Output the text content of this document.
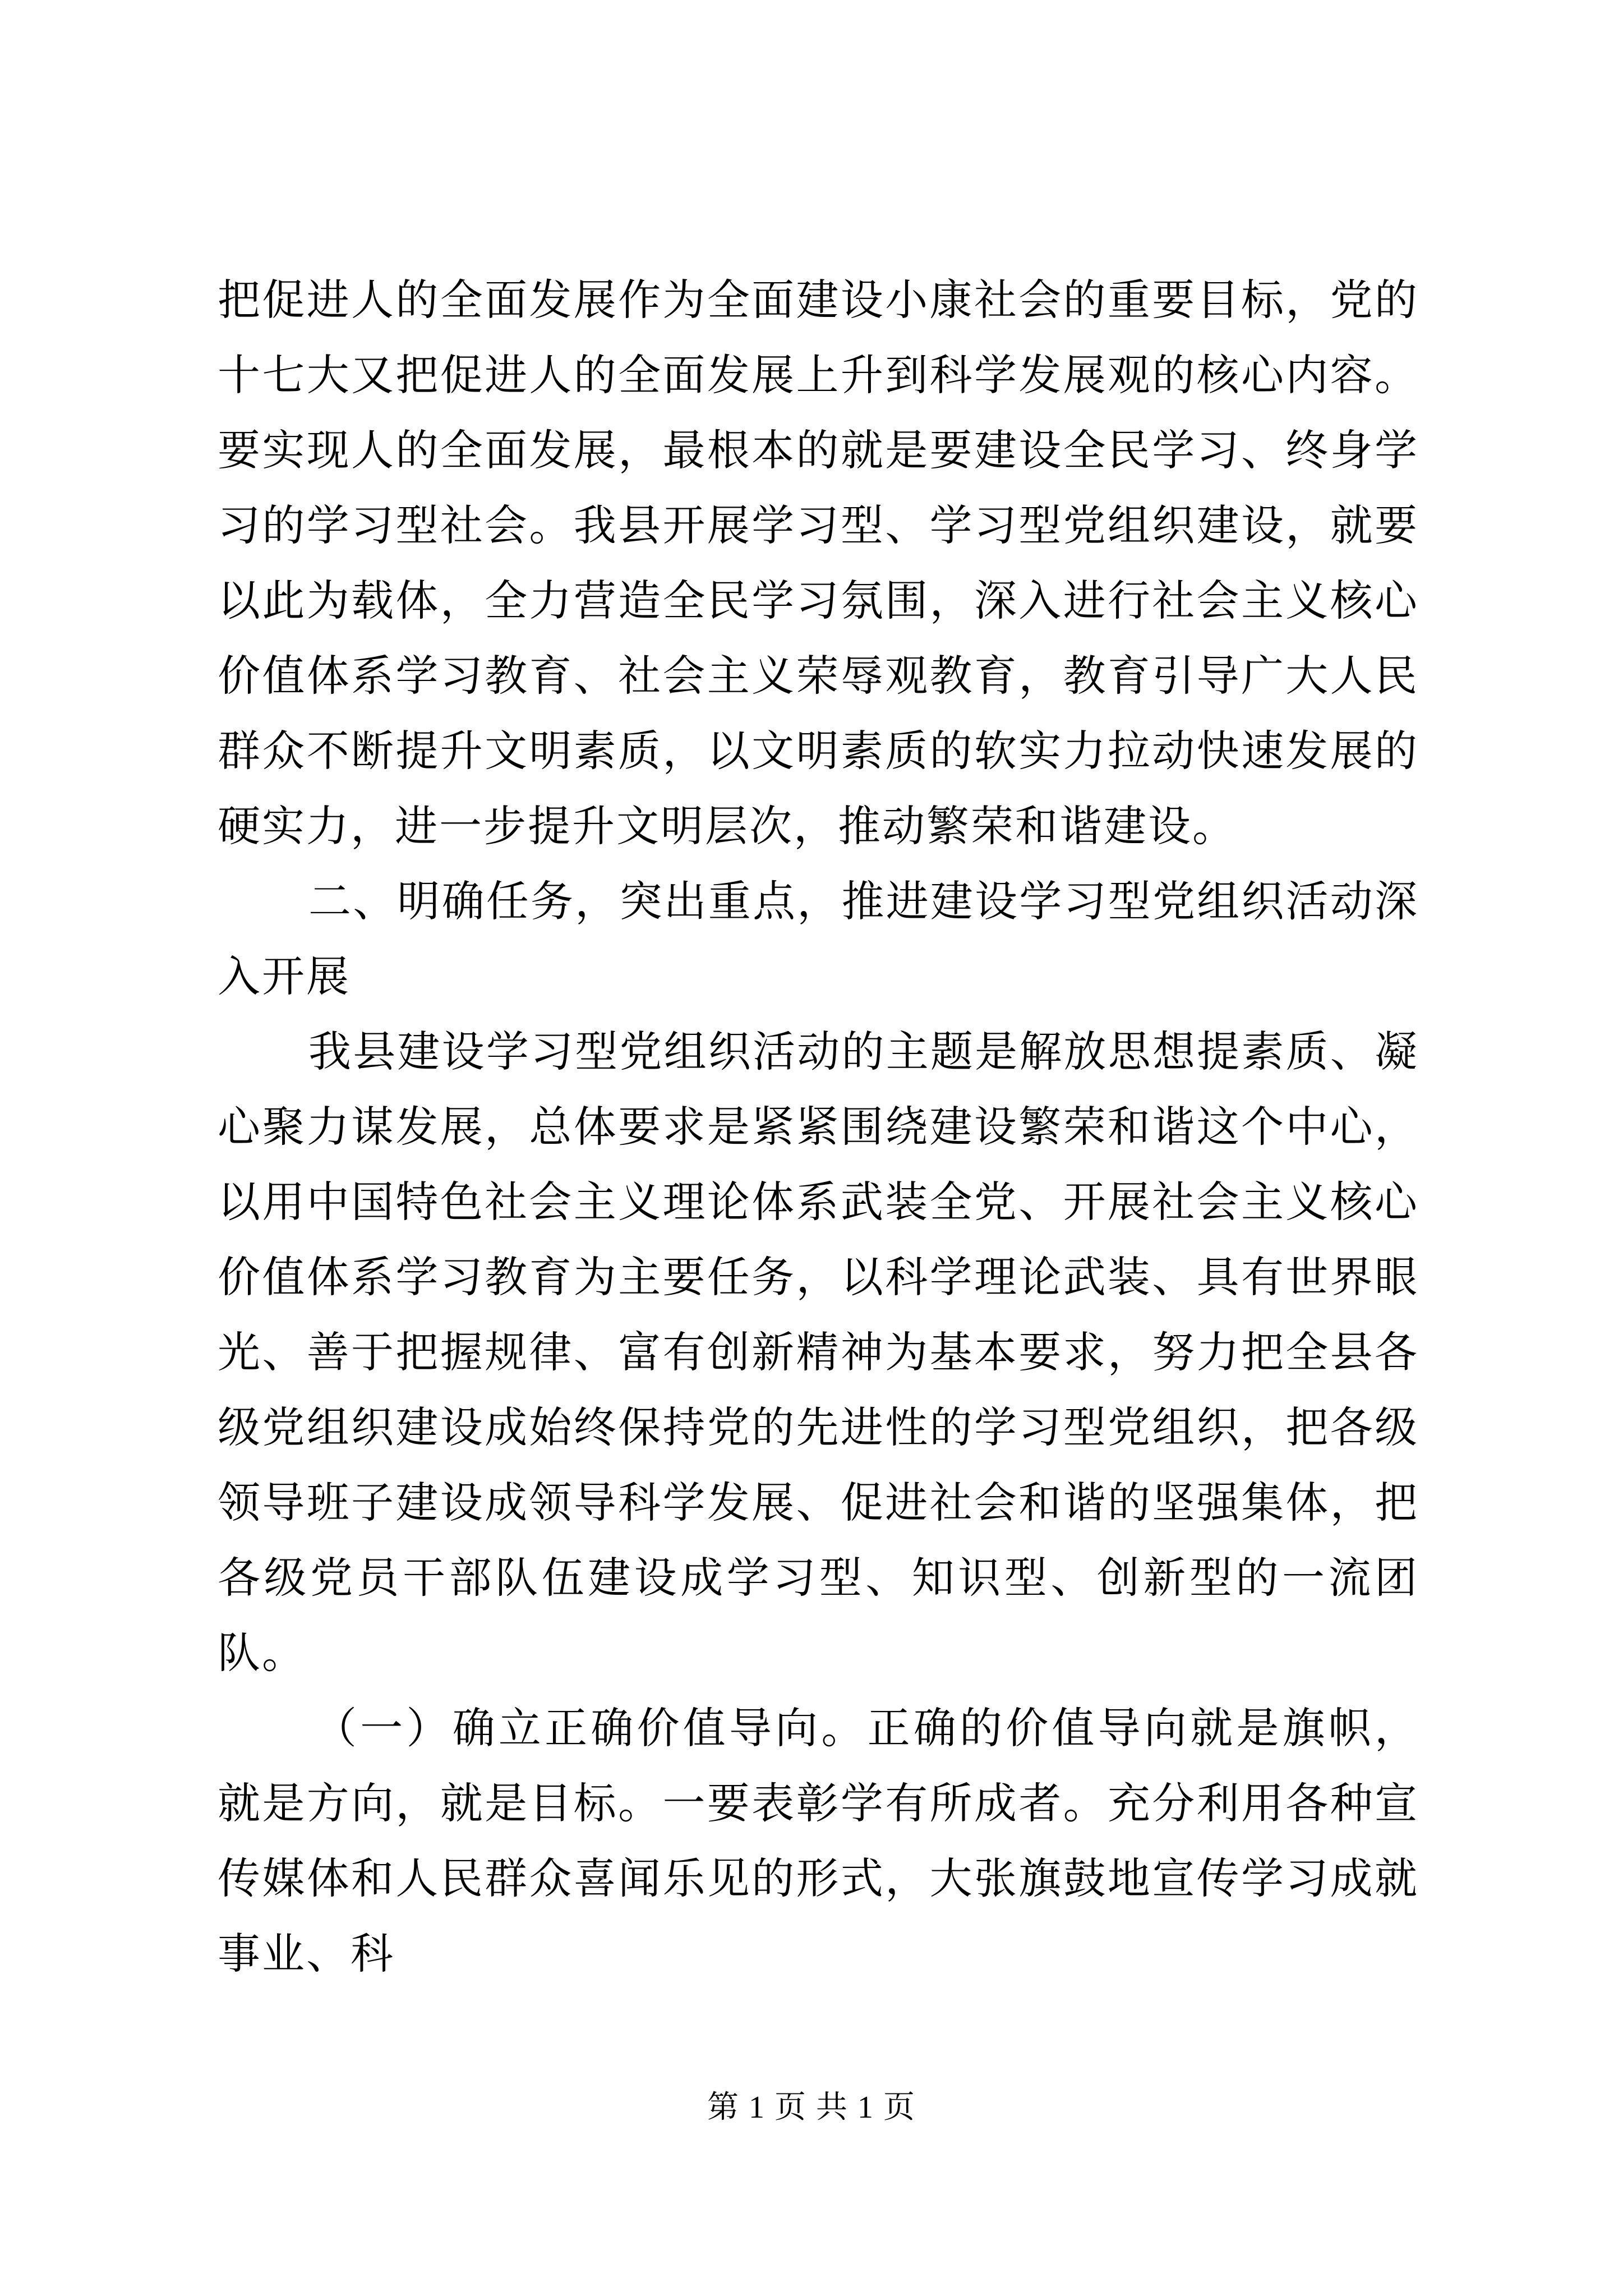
把促进人的全面发展作为全面建设小康社会的重要目标，党的十七大又把促进人的全面发展上升到科学发展观的核心内容。要实现人的全面发展，最根本的就是要建设全民学习、终身学习的学习型社会。我县开展学习型、学习型党组织建设，就要以此为载体，全力营造全民学习氛围，深入进行社会主义核心价值体系学习教育、社会主义荣辱观教育，教育引导广大人民群众不断提升文明素质，以文明素质的软实力拉动快速发展的硬实力，进一步提升文明层次，推动繁荣和谐建设。

二、明确任务，突出重点，推进建设学习型党组织活动深入开展

我县建设学习型党组织活动的主题是解放思想提素质、凝心聚力谋发展，总体要求是紧紧围绕建设繁荣和谐这个中心，以用中国特色社会主义理论体系武装全党、开展社会主义核心价值体系学习教育为主要任务，以科学理论武装、具有世界眼光、善于把握规律、富有创新精神为基本要求，努力把全县各级党组织建设成始终保持党的先进性的学习型党组织，把各级领导班子建设成领导科学发展、促进社会和谐的坚强集体，把各级党员干部队伍建设成学习型、知识型、创新型的一流团队。

（一）确立正确价值导向。正确的价值导向就是旗帜，就是方向，就是目标。一要表彰学有所成者。充分利用各种宣传媒体和人民群众喜闻乐见的形式，大张旗鼓地宣传学习成就事业、科

第 1 页 共 1 页
